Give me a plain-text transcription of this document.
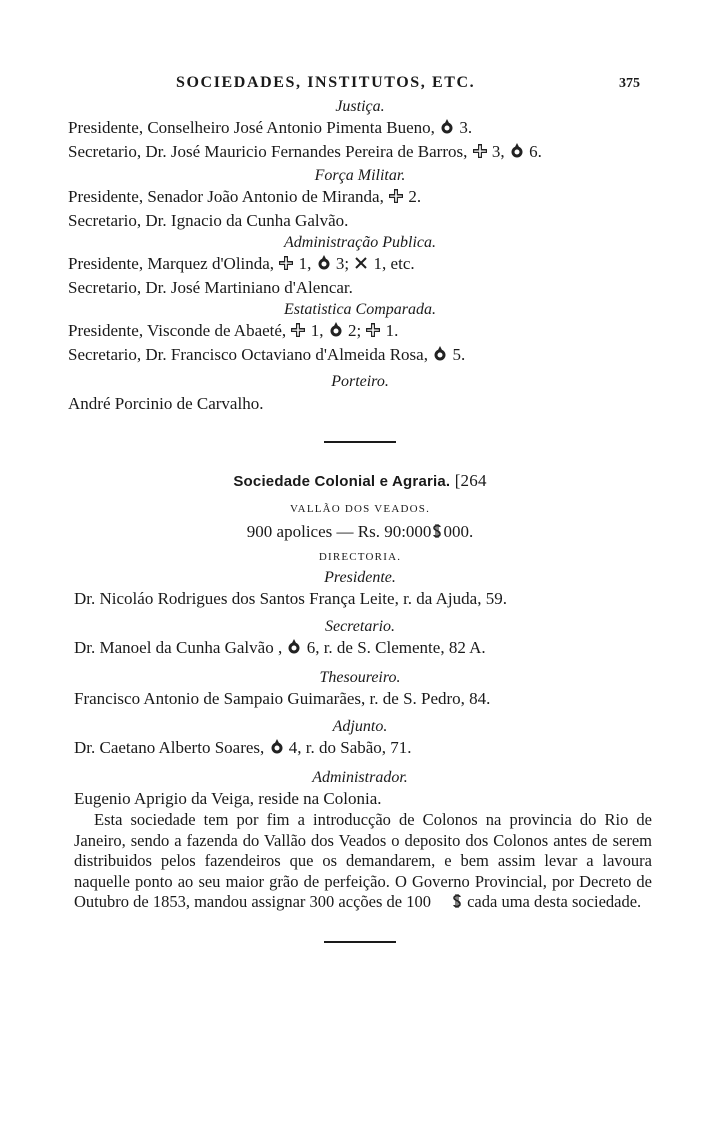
SOCIEDADES, INSTITUTOS, ETC.	375
Justiça.
Presidente, Conselheiro José Antonio Pimenta Bueno, 3.
Secretario, Dr. José Mauricio Fernandes Pereira de Barros, 3, 6.
Força Militar.
Presidente, Senador João Antonio de Miranda, 2.
Secretario, Dr. Ignacio da Cunha Galvão.
Administração Publica.
Presidente, Marquez d'Olinda, 1, 3; 1, etc.
Secretario, Dr. José Martiniano d'Alencar.
Estatistica Comparada.
Presidente, Visconde de Abaeté, 1, 2; 1.
Secretario, Dr. Francisco Octaviano d'Almeida Rosa, 5.
Porteiro.
André Porcinio de Carvalho.
Sociedade Colonial e Agraria. [264
VALLÃO DOS VEADOS.
900 apolices — Rs. 90:000 000.
DIRECTORIA.
Presidente.
Dr. Nicoláo Rodrigues dos Santos França Leite, r. da Ajuda, 59.
Secretario.
Dr. Manoel da Cunha Galvão , 6, r. de S. Clemente, 82 A.
Thesoureiro.
Francisco Antonio de Sampaio Guimarães, r. de S. Pedro, 84.
Adjunto.
Dr. Caetano Alberto Soares, 4, r. do Sabão, 71.
Administrador.
Eugenio Aprigio da Veiga, reside na Colonia.
Esta sociedade tem por fim a introducção de Colonos na provincia do Rio de Janeiro, sendo a fazenda do Vallão dos Veados o deposito dos Colonos antes de serem distribuidos pelos fazendeiros que os demandarem, e bem assim levar a lavoura naquelle ponto ao seu maior grão de perfeição. O Governo Provincial, por Decreto de Outubro de 1853, mandou assignar 300 acções de 100 cada uma desta sociedade.
